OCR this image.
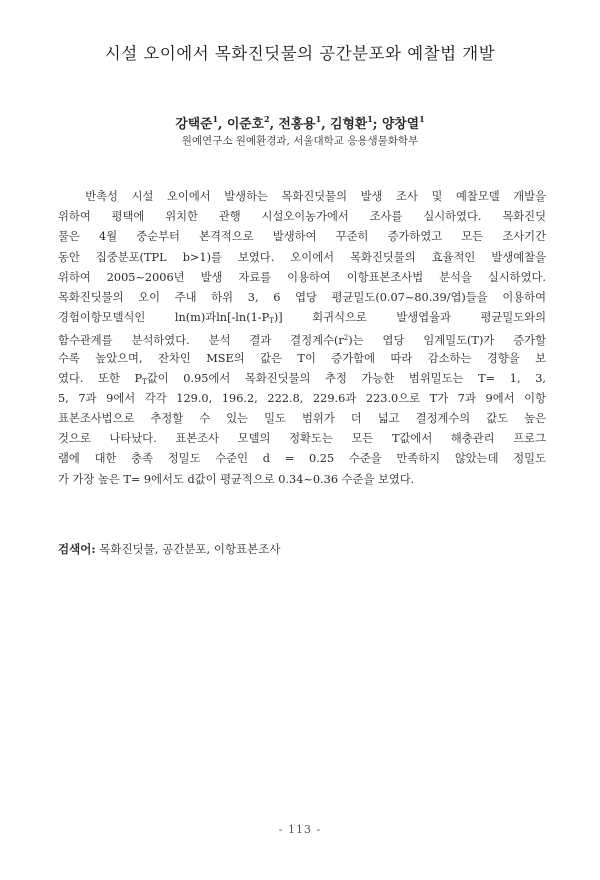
시설 오이에서 목화진딧물의 공간분포와 예찰법 개발
강택준$^1$, 이준호$^2$, 전홍용$^1$, 김형환$^1$; 양창열$^1$
원예연구소 원예환경과, 서울대학교 응용생물화학부
반촉성 시설 오이에서 발생하는 목화진딧물의 발생 조사 및 예찰모델 개발을
위하여 평택에 위치한 관행 시설오이농가에서 조사를 실시하였다. 목화진딧
물은 4월 중순부터 본격적으로 발생하여 꾸준히 증가하였고 모든 조사기간
동안 집중분포(TPL b>1)를 보였다. 오이에서 목화진딧물의 효율적인 발생예찰을
위하여 2005~2006년 발생 자료를 이용하여 이항표본조사법 분석을 실시하였다.
목화진딧물의 오이 주내 하위 3, 6 엽당 평균밀도(0.07~80.39/엽)들을 이용하여
경험이항모델식인 ln(m)과$\ln[-\ln(1-P_T)]$ 회귀식으로 발생엽율과 평균밀도와의
함수관계를 분석하였다. 분석 결과 결정계수$(r^2)$는 엽당 임계밀도(T)가 증가할
수록 높았으며, 잔차인 MSE의 값은 T이 증가함에 따라 감소하는 경향을 보
였다. 또한 $P_T$값이 0.95에서 목화진딧물의 추정 가능한 범위밀도는 T= 1, 3,
5, 7과 9에서 각각 129.0, 196.2, 222.8, 229.6과 223.0으로 T가 7과 9에서 이항
표본조사법으로 추정할 수 있는 밀도 범위가 더 넓고 결정계수의 값도 높은
것으로 나타났다. 표본조사 모델의 정확도는 모든 T값에서 해충관리 프로그
램에 대한 충족 정밀도 수준인 d = 0.25 수준을 만족하지 않았는데 정밀도
가 가장 높은 T= 9에서도 d값이 평균적으로 0.34~0.36 수준을 보였다.
검색어: 목화진딧물, 공간분포, 이항표본조사
- 113 -
